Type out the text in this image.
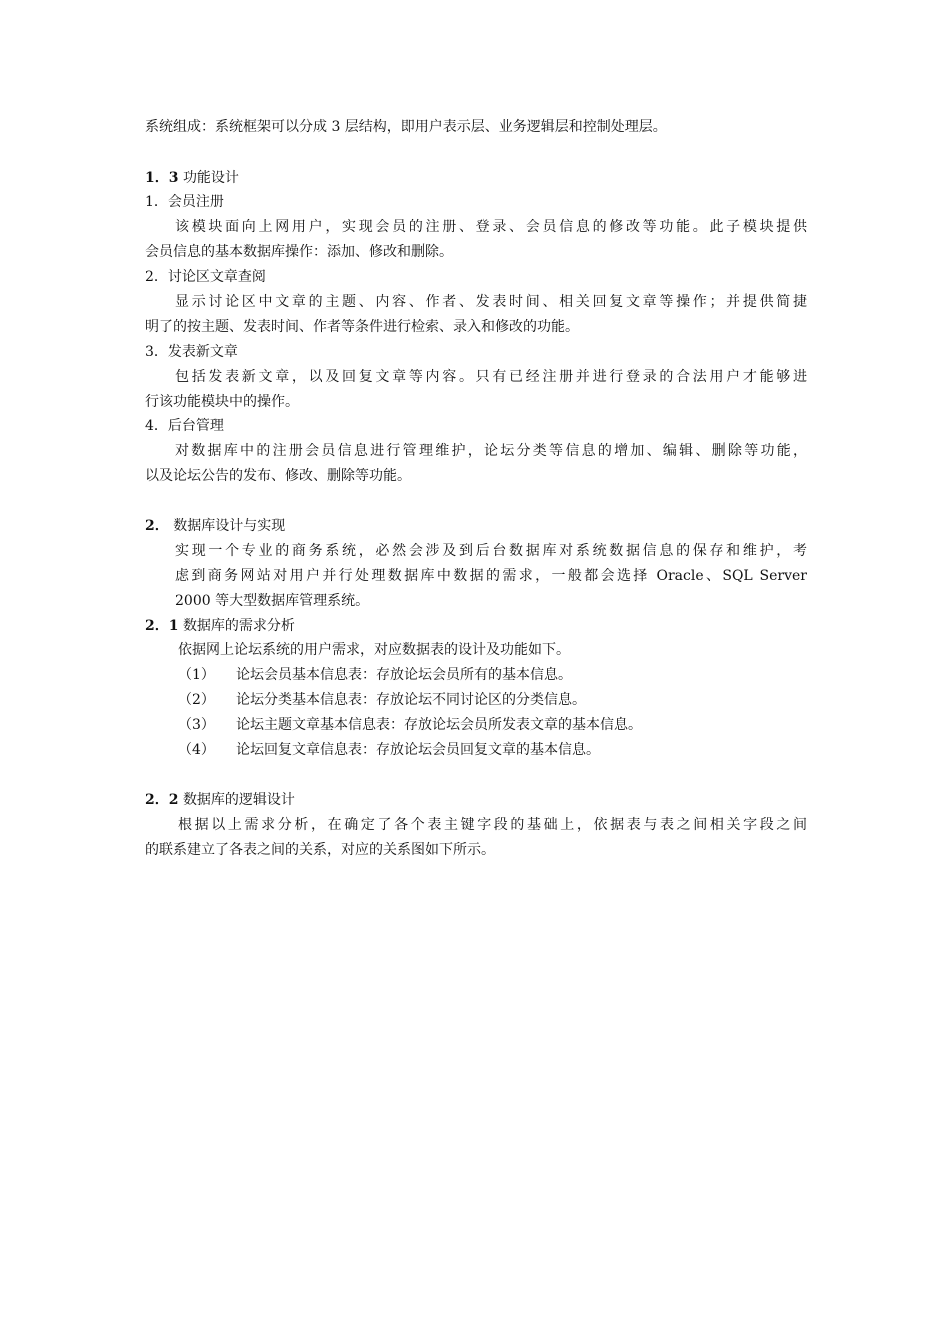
系统组成：系统框架可以分成 3 层结构，即用户表示层、业务逻辑层和控制处理层。
1．3 功能设计
1．会员注册
该模块面向上网用户，实现会员的注册、登录、会员信息的修改等功能。此子模块提供
会员信息的基本数据库操作：添加、修改和删除。
2．讨论区文章查阅
显示讨论区中文章的主题、内容、作者、发表时间、相关回复文章等操作；并提供简捷
明了的按主题、发表时间、作者等条件进行检索、录入和修改的功能。
3．发表新文章
包括发表新文章，以及回复文章等内容。只有已经注册并进行登录的合法用户才能够进
行该功能模块中的操作。
4．后台管理
对数据库中的注册会员信息进行管理维护，论坛分类等信息的增加、编辑、删除等功能，
以及论坛公告的发布、修改、删除等功能。
2． 数据库设计与实现
实现一个专业的商务系统，必然会涉及到后台数据库对系统数据信息的保存和维护，考
虑到商务网站对用户并行处理数据库中数据的需求，一般都会选择 Oracle、SQL Server
2000 等大型数据库管理系统。
2．1 数据库的需求分析
依据网上论坛系统的用户需求，对应数据表的设计及功能如下。
（1） 论坛会员基本信息表：存放论坛会员所有的基本信息。
（2） 论坛分类基本信息表：存放论坛不同讨论区的分类信息。
（3） 论坛主题文章基本信息表：存放论坛会员所发表文章的基本信息。
（4） 论坛回复文章信息表：存放论坛会员回复文章的基本信息。
2．2 数据库的逻辑设计
根据以上需求分析，在确定了各个表主键字段的基础上，依据表与表之间相关字段之间
的联系建立了各表之间的关系，对应的关系图如下所示。
